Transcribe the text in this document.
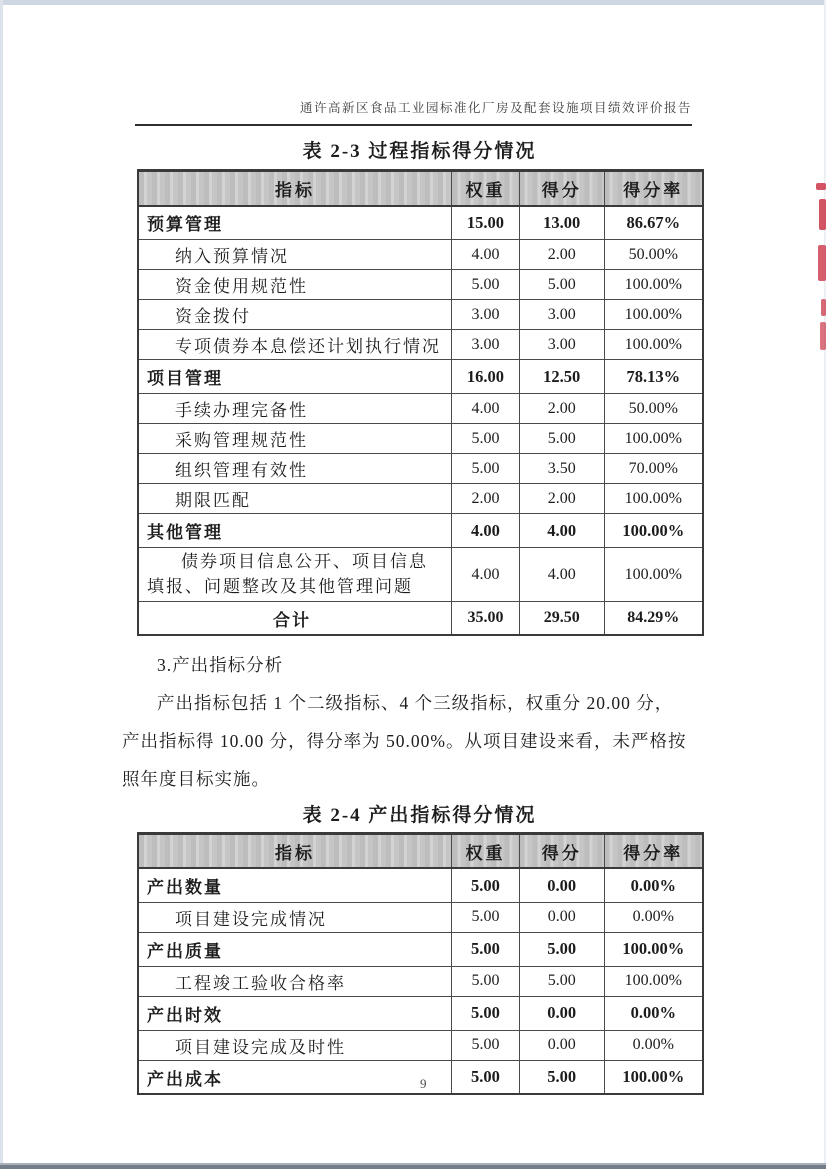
通许高新区食品工业园标准化厂房及配套设施项目绩效评价报告
表 2-3 过程指标得分情况
指标	权重	得分	得分率
预算管理	15.00	13.00	86.67%
纳入预算情况	4.00	2.00	50.00%
资金使用规范性	5.00	5.00	100.00%
资金拨付	3.00	3.00	100.00%
专项债券本息偿还计划执行情况	3.00	3.00	100.00%
项目管理	16.00	12.50	78.13%
手续办理完备性	4.00	2.00	50.00%
采购管理规范性	5.00	5.00	100.00%
组织管理有效性	5.00	3.50	70.00%
期限匹配	2.00	2.00	100.00%
其他管理	4.00	4.00	100.00%
债券项目信息公开、项目信息填报、问题整改及其他管理问题	4.00	4.00	100.00%
合计	35.00	29.50	84.29%
3.产出指标分析
产出指标包括 1 个二级指标、4 个三级指标，权重分 20.00 分，
产出指标得 10.00 分，得分率为 50.00%。从项目建设来看，未严格按
照年度目标实施。
表 2-4 产出指标得分情况
指标	权重	得分	得分率
产出数量	5.00	0.00	0.00%
项目建设完成情况	5.00	0.00	0.00%
产出质量	5.00	5.00	100.00%
工程竣工验收合格率	5.00	5.00	100.00%
产出时效	5.00	0.00	0.00%
项目建设完成及时性	5.00	0.00	0.00%
产出成本	5.00	5.00	100.00%
9
